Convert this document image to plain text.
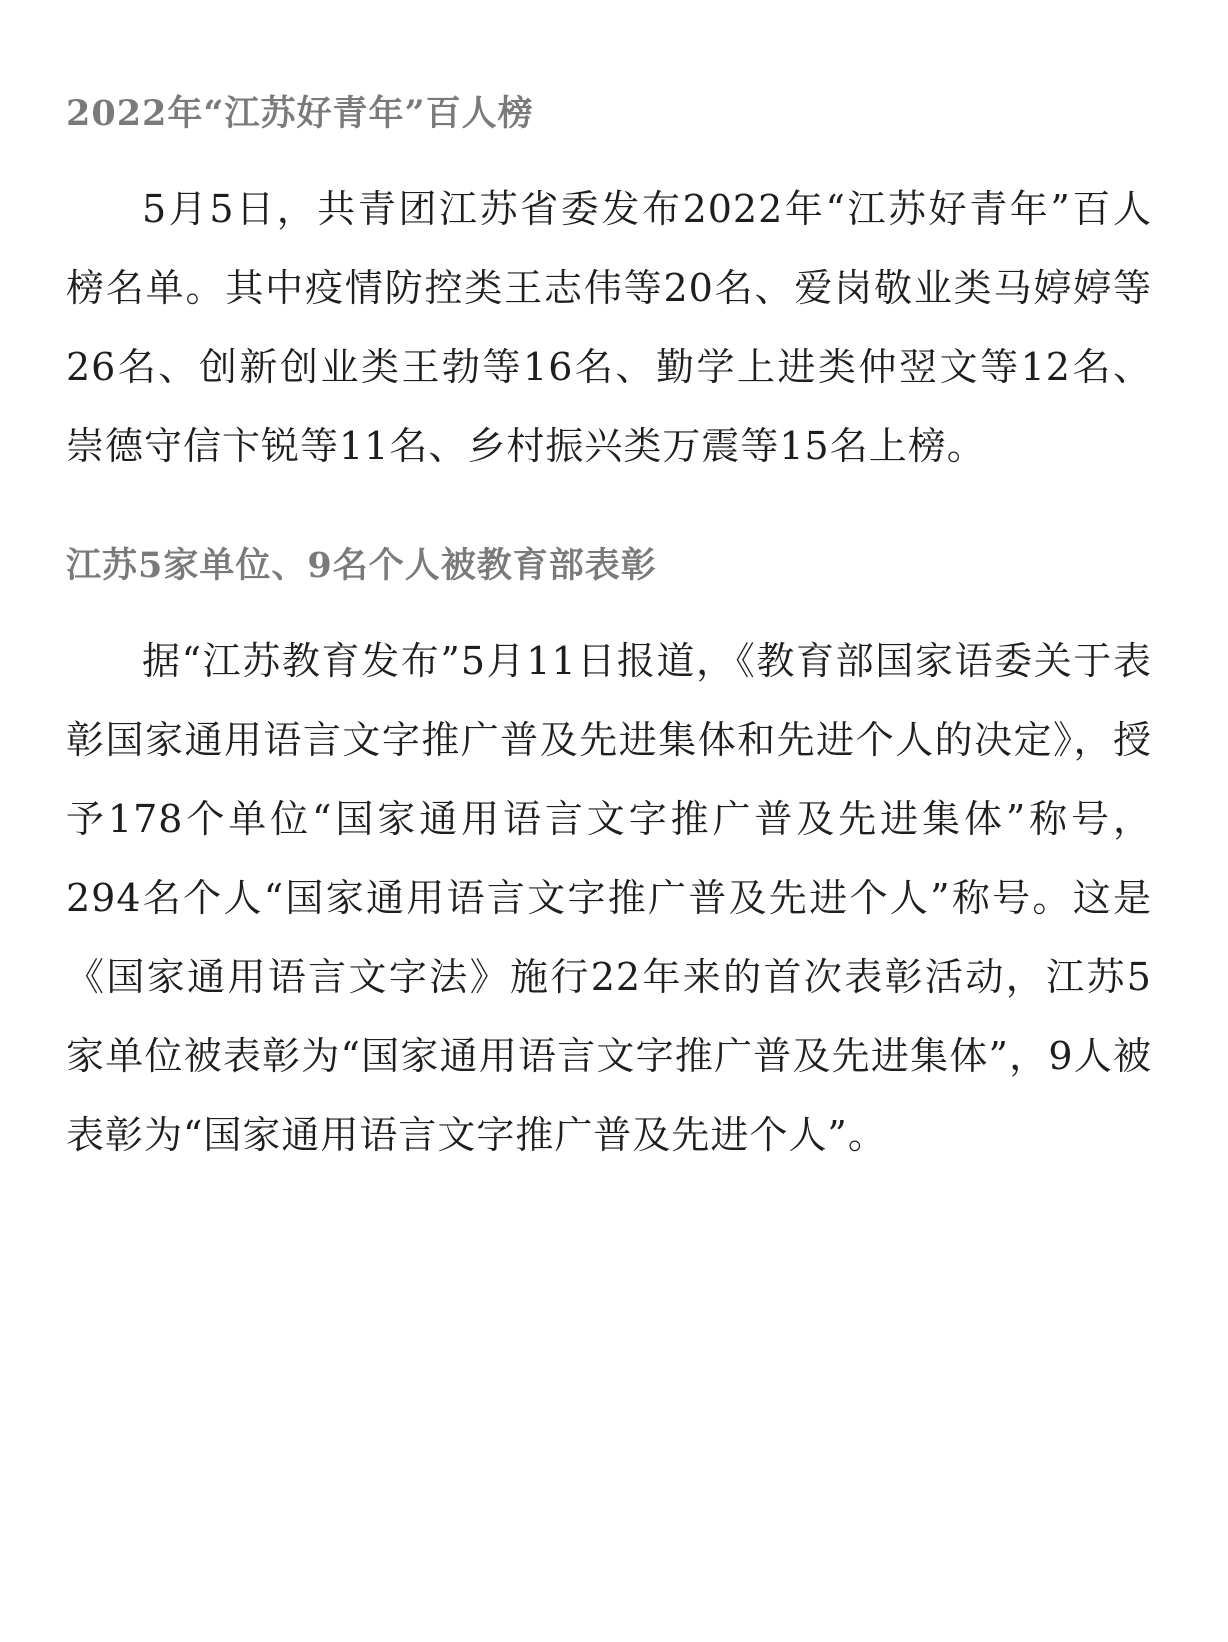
2022年“江苏好青年”百人榜

5月5日，共青团江苏省委发布2022年“江苏好青年”百人榜名单。其中疫情防控类王志伟等20名、爱岗敬业类马婷婷等26名、创新创业类王勃等16名、勤学上进类仲翌文等12名、崇德守信卞锐等11名、乡村振兴类万震等15名上榜。

江苏5家单位、9名个人被教育部表彰

据“江苏教育发布”5月11日报道，《教育部国家语委关于表彰国家通用语言文字推广普及先进集体和先进个人的决定》，授予178个单位“国家通用语言文字推广普及先进集体”称号，294名个人“国家通用语言文字推广普及先进个人”称号。这是《国家通用语言文字法》施行22年来的首次表彰活动，江苏5家单位被表彰为“国家通用语言文字推广普及先进集体”，9人被表彰为“国家通用语言文字推广普及先进个人”。
